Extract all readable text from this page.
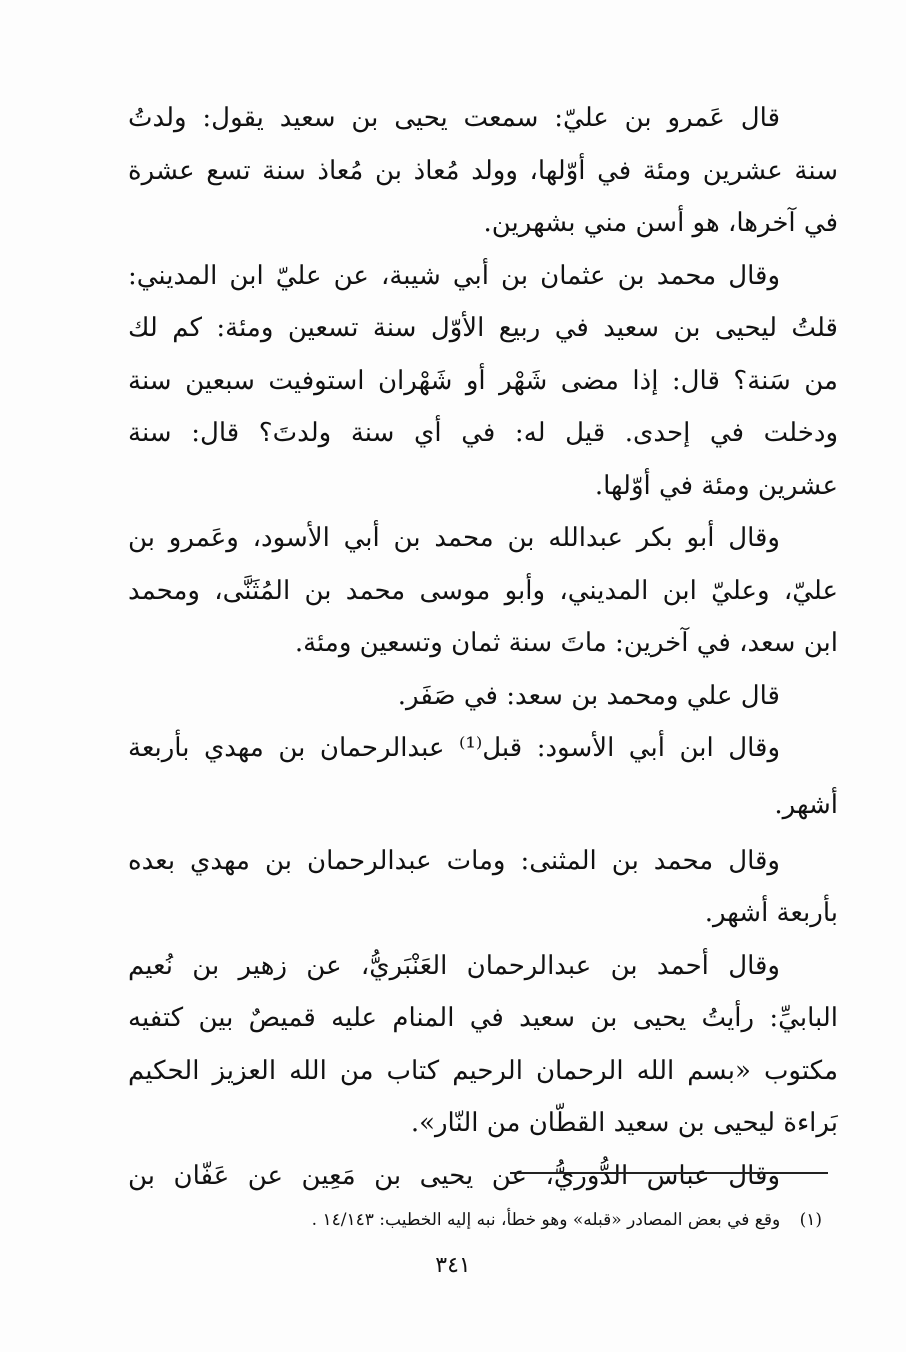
قال عَمرو بن عليّ: سمعت يحيى بن سعيد يقول: ولدتُ
سنة عشرين ومئة في أوّلها، وولد مُعاذ بن مُعاذ سنة تسع عشرة
في آخرها، هو أسن مني بشهرين.
وقال محمد بن عثمان بن أبي شيبة، عن عليّ ابن المديني:
قلتُ ليحيى بن سعيد في ربيع الأوّل سنة تسعين ومئة: كم لك
من سَنة؟ قال: إذا مضى شَهْر أو شَهْران استوفيت سبعين سنة
ودخلت في إحدى. قيل له: في أي سنة ولدتَ؟ قال: سنة
عشرين ومئة في أوّلها.
وقال أبو بكر عبدالله بن محمد بن أبي الأسود، وعَمرو بن
عليّ، وعليّ ابن المديني، وأبو موسى محمد بن المُثَنَّى، ومحمد
ابن سعد، في آخرين: ماتَ سنة ثمان وتسعين ومئة.
قال علي ومحمد بن سعد: في صَفَر.
وقال ابن أبي الأسود: قبل⁽¹⁾ عبدالرحمان بن مهدي بأربعة
أشهر.
وقال محمد بن المثنى: ومات عبدالرحمان بن مهدي بعده
بأربعة أشهر.
وقال أحمد بن عبدالرحمان العَنْبَريُّ، عن زهير بن نُعيم
البابيِّ: رأيتُ يحيى بن سعيد في المنام عليه قميصٌ بين كتفيه
مكتوب «بسم الله الرحمان الرحيم كتاب من الله العزيز الحكيم
بَراءة ليحيى بن سعيد القطّان من النّار».
وقال عباس الدُّوريُّ، عن يحيى بن مَعِين عن عَفّان بن
(١) وقع في بعض المصادر «قبله» وهو خطأ، نبه إليه الخطيب: ١٤/١٤٣ .
٣٤١
